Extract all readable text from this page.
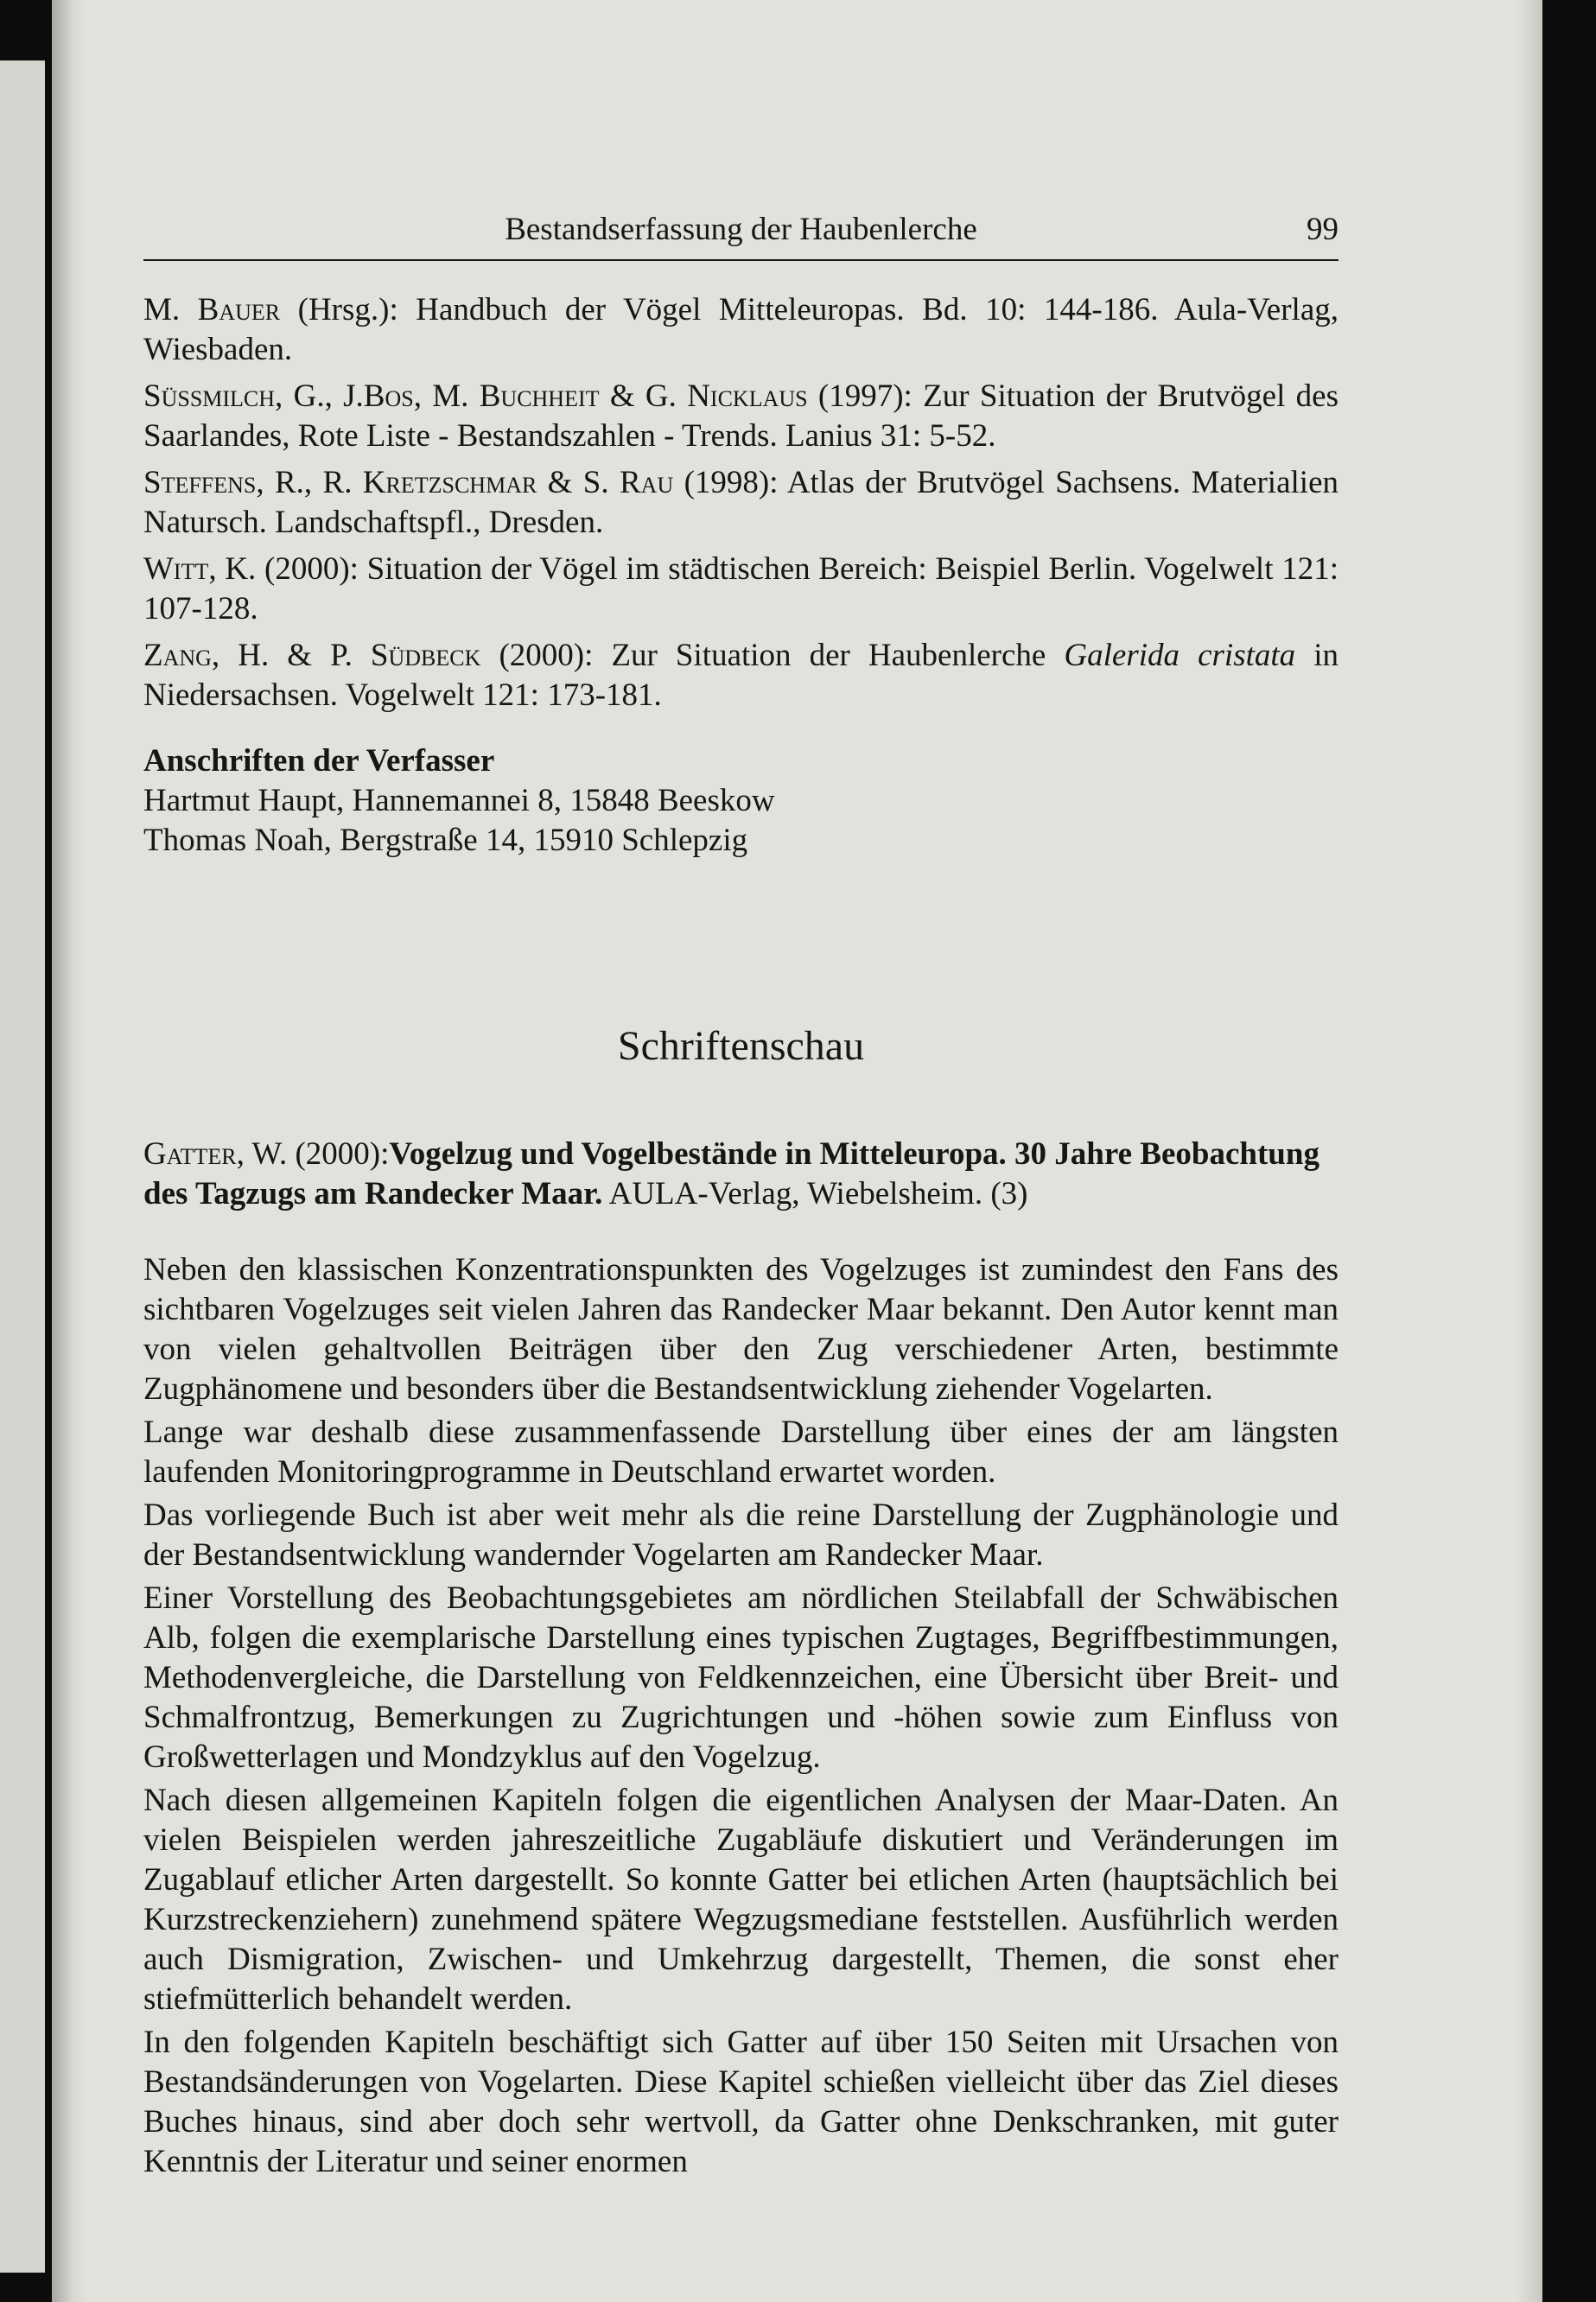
Bestandserfassung der Haubenlerche	99

M. Bauer (Hrsg.): Handbuch der Vögel Mitteleuropas. Bd. 10: 144-186. Aula-Verlag, Wiesbaden.

Süßmilch, G., J.Bos, M. Buchheit & G. Nicklaus (1997): Zur Situation der Brutvögel des Saarlandes, Rote Liste - Bestandszahlen - Trends. Lanius 31: 5-52.

Steffens, R., R. Kretzschmar & S. Rau (1998): Atlas der Brutvögel Sachsens. Materialien Natursch. Landschaftspfl., Dresden.

Witt, K. (2000): Situation der Vögel im städtischen Bereich: Beispiel Berlin. Vogelwelt 121: 107-128.

Zang, H. & P. Südbeck (2000): Zur Situation der Haubenlerche Galerida cristata in Niedersachsen. Vogelwelt 121: 173-181.

Anschriften der Verfasser
Hartmut Haupt, Hannemannei 8, 15848 Beeskow
Thomas Noah, Bergstraße 14, 15910 Schlepzig
Schriftenschau
Gatter, W. (2000):Vogelzug und Vogelbestände in Mitteleuropa. 30 Jahre Beobachtung des Tagzugs am Randecker Maar. AULA-Verlag, Wiebelsheim. (3)

Neben den klassischen Konzentrationspunkten des Vogelzuges ist zumindest den Fans des sichtbaren Vogelzuges seit vielen Jahren das Randecker Maar bekannt. Den Autor kennt man von vielen gehaltvollen Beiträgen über den Zug verschiedener Arten, bestimmte Zugphänomene und besonders über die Bestandsentwicklung ziehender Vogelarten.

Lange war deshalb diese zusammenfassende Darstellung über eines der am längsten laufenden Monitoringprogramme in Deutschland erwartet worden.

Das vorliegende Buch ist aber weit mehr als die reine Darstellung der Zugphänologie und der Bestandsentwicklung wandernder Vogelarten am Randecker Maar.

Einer Vorstellung des Beobachtungsgebietes am nördlichen Steilabfall der Schwäbischen Alb, folgen die exemplarische Darstellung eines typischen Zugtages, Begriffbestimmungen, Methodenvergleiche, die Darstellung von Feldkennzeichen, eine Übersicht über Breit- und Schmalfrontzug, Bemerkungen zu Zugrichtungen und -höhen sowie zum Einfluss von Großwetterlagen und Mondzyklus auf den Vogelzug.

Nach diesen allgemeinen Kapiteln folgen die eigentlichen Analysen der Maar-Daten. An vielen Beispielen werden jahreszeitliche Zugabläufe diskutiert und Veränderungen im Zugablauf etlicher Arten dargestellt. So konnte Gatter bei etlichen Arten (hauptsächlich bei Kurzstreckenziehern) zunehmend spätere Wegzugsmediane feststellen. Ausführlich werden auch Dismigration, Zwischen- und Umkehrzug dargestellt, Themen, die sonst eher stiefmütterlich behandelt werden.

In den folgenden Kapiteln beschäftigt sich Gatter auf über 150 Seiten mit Ursachen von Bestandsänderungen von Vogelarten. Diese Kapitel schießen vielleicht über das Ziel dieses Buches hinaus, sind aber doch sehr wertvoll, da Gatter ohne Denkschranken, mit guter Kenntnis der Literatur und seiner enormen
